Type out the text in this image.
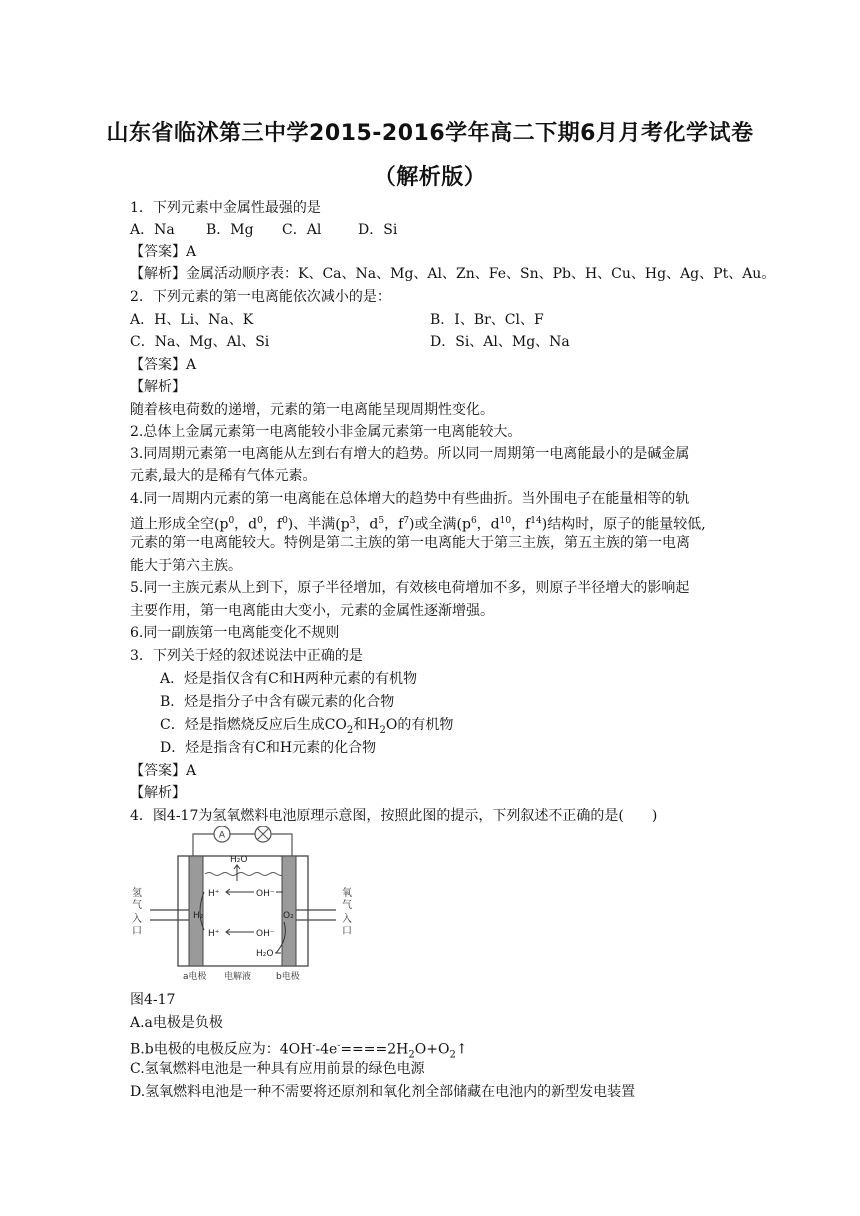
山东省临沭第三中学2015-2016学年高二下期6月月考化学试卷
（解析版）
1．下列元素中金属性最强的是
A．Na B．Mg C．Al	D．Si
【答案】A
【解析】金属活动顺序表：K、Ca、Na、Mg、Al、Zn、Fe、Sn、Pb、H、Cu、Hg、Ag、Pt、Au。
2．下列元素的第一电离能依次减小的是：
A．H、Li、Na、K	B．I、Br、Cl、F
C．Na、Mg、Al、Si	D．Si、Al、Mg、Na
【答案】A
【解析】
随着核电荷数的递增，元素的第一电离能呈现周期性变化。
2.总体上金属元素第一电离能较小非金属元素第一电离能较大。
3.同周期元素第一电离能从左到右有增大的趋势。所以同一周期第一电离能最小的是碱金属
元素,最大的是稀有气体元素。
4.同一周期内元素的第一电离能在总体增大的趋势中有些曲折。当外围电子在能量相等的轨
道上形成全空($p^0$，$d^0$，$f^0$)、半满($p^3$，$d^5$，$f^7$)或全满($p^6$，$d^{10}$，$f^{14}$)结构时，原子的能量较低,
元素的第一电离能较大。特例是第二主族的第一电离能大于第三主族，第五主族的第一电离
能大于第六主族。
5.同一主族元素从上到下，原子半径增加，有效核电荷增加不多，则原子半径增大的影响起
主要作用，第一电离能由大变小，元素的金属性逐渐增强。
6.同一副族第一电离能变化不规则
3．下列关于烃的叙述说法中正确的是
A．烃是指仅含有C和H两种元素的有机物
B．烃是指分子中含有碳元素的化合物
C．烃是指燃烧反应后生成$CO_2$和$H_2O$的有机物
D．烃是指含有C和H元素的化合物
【答案】A
【解析】
4．图4-17为氢氧燃料电池原理示意图，按照此图的提示，下列叙述不正确的是(　　)
A
氢
气
入
口
氧
气
入
口
H₂O
H⁺	OH⁻
H₂	O₂
H⁺	OH⁻
H₂O
a电极 电解液	b电极
图4-17
A.a电极是负极
B.b电极的电极反应为：$4OH^--4e^-====2H_2O+O_2↑$
C.氢氧燃料电池是一种具有应用前景的绿色电源
D.氢氧燃料电池是一种不需要将还原剂和氧化剂全部储藏在电池内的新型发电装置
